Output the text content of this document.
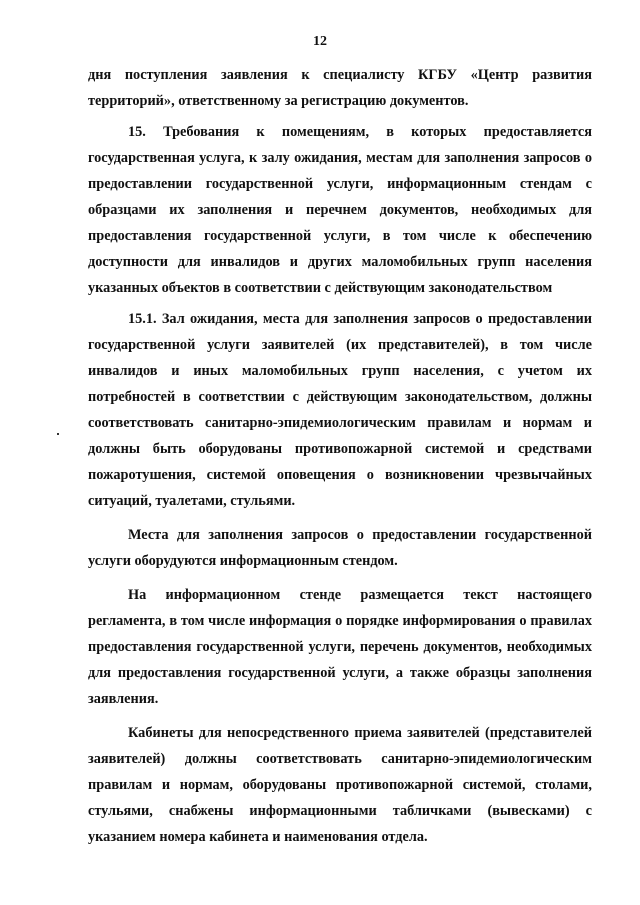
12

дня поступления заявления к специалисту КГБУ «Центр развития территорий», ответственному за регистрацию документов.

15. Требования к помещениям, в которых предоставляется государственная услуга, к залу ожидания, местам для заполнения запросов о предоставлении государственной услуги, информационным стендам с образцами их заполнения и перечнем документов, необходимых для предоставления государственной услуги, в том числе к обеспечению доступности для инвалидов и других маломобильных групп населения указанных объектов в соответствии с действующим законодательством

15.1. Зал ожидания, места для заполнения запросов о предоставлении государственной услуги заявителей (их представителей), в том числе инвалидов и иных маломобильных групп населения, с учетом их потребностей в соответствии с действующим законодательством, должны соответствовать санитарно-эпидемиологическим правилам и нормам и должны быть оборудованы противопожарной системой и средствами пожаротушения, системой оповещения о возникновении чрезвычайных ситуаций, туалетами, стульями.

Места для заполнения запросов о предоставлении государственной услуги оборудуются информационным стендом.

На информационном стенде размещается текст настоящего регламента, в том числе информация о порядке информирования о правилах предоставления государственной услуги, перечень документов, необходимых для предоставления государственной услуги, а также образцы заполнения заявления.

Кабинеты для непосредственного приема заявителей (представителей заявителей) должны соответствовать санитарно-эпидемиологическим правилам и нормам, оборудованы противопожарной системой, столами, стульями, снабжены информационными табличками (вывесками) с указанием номера кабинета и наименования отдела.
